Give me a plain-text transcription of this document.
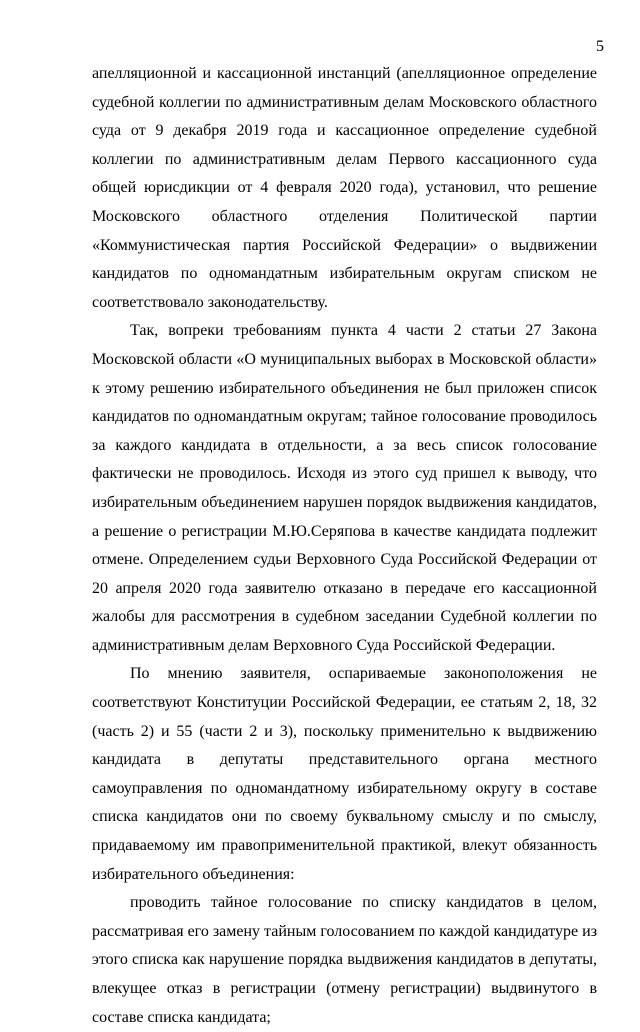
5

апелляционной и кассационной инстанций (апелляционное определение судебной коллегии по административным делам Московского областного суда от 9 декабря 2019 года и кассационное определение судебной коллегии по административным делам Первого кассационного суда общей юрисдикции от 4 февраля 2020 года), установил, что решение Московского областного отделения Политической партии «Коммунистическая партия Российской Федерации» о выдвижении кандидатов по одномандатным избирательным округам списком не соответствовало законодательству.

Так, вопреки требованиям пункта 4 части 2 статьи 27 Закона Московской области «О муниципальных выборах в Московской области» к этому решению избирательного объединения не был приложен список кандидатов по одномандатным округам; тайное голосование проводилось за каждого кандидата в отдельности, а за весь список голосование фактически не проводилось. Исходя из этого суд пришел к выводу, что избирательным объединением нарушен порядок выдвижения кандидатов, а решение о регистрации М.Ю.Серяпова в качестве кандидата подлежит отмене. Определением судьи Верховного Суда Российской Федерации от 20 апреля 2020 года заявителю отказано в передаче его кассационной жалобы для рассмотрения в судебном заседании Судебной коллегии по административным делам Верховного Суда Российской Федерации.

По мнению заявителя, оспариваемые законоположения не соответствуют Конституции Российской Федерации, ее статьям 2, 18, 32 (часть 2) и 55 (части 2 и 3), поскольку применительно к выдвижению кандидата в депутаты представительного органа местного самоуправления по одномандатному избирательному округу в составе списка кандидатов они по своему буквальному смыслу и по смыслу, придаваемому им правоприменительной практикой, влекут обязанность избирательного объединения:

проводить тайное голосование по списку кандидатов в целом, рассматривая его замену тайным голосованием по каждой кандидатуре из этого списка как нарушение порядка выдвижения кандидатов в депутаты, влекущее отказ в регистрации (отмену регистрации) выдвинутого в составе списка кандидата;
